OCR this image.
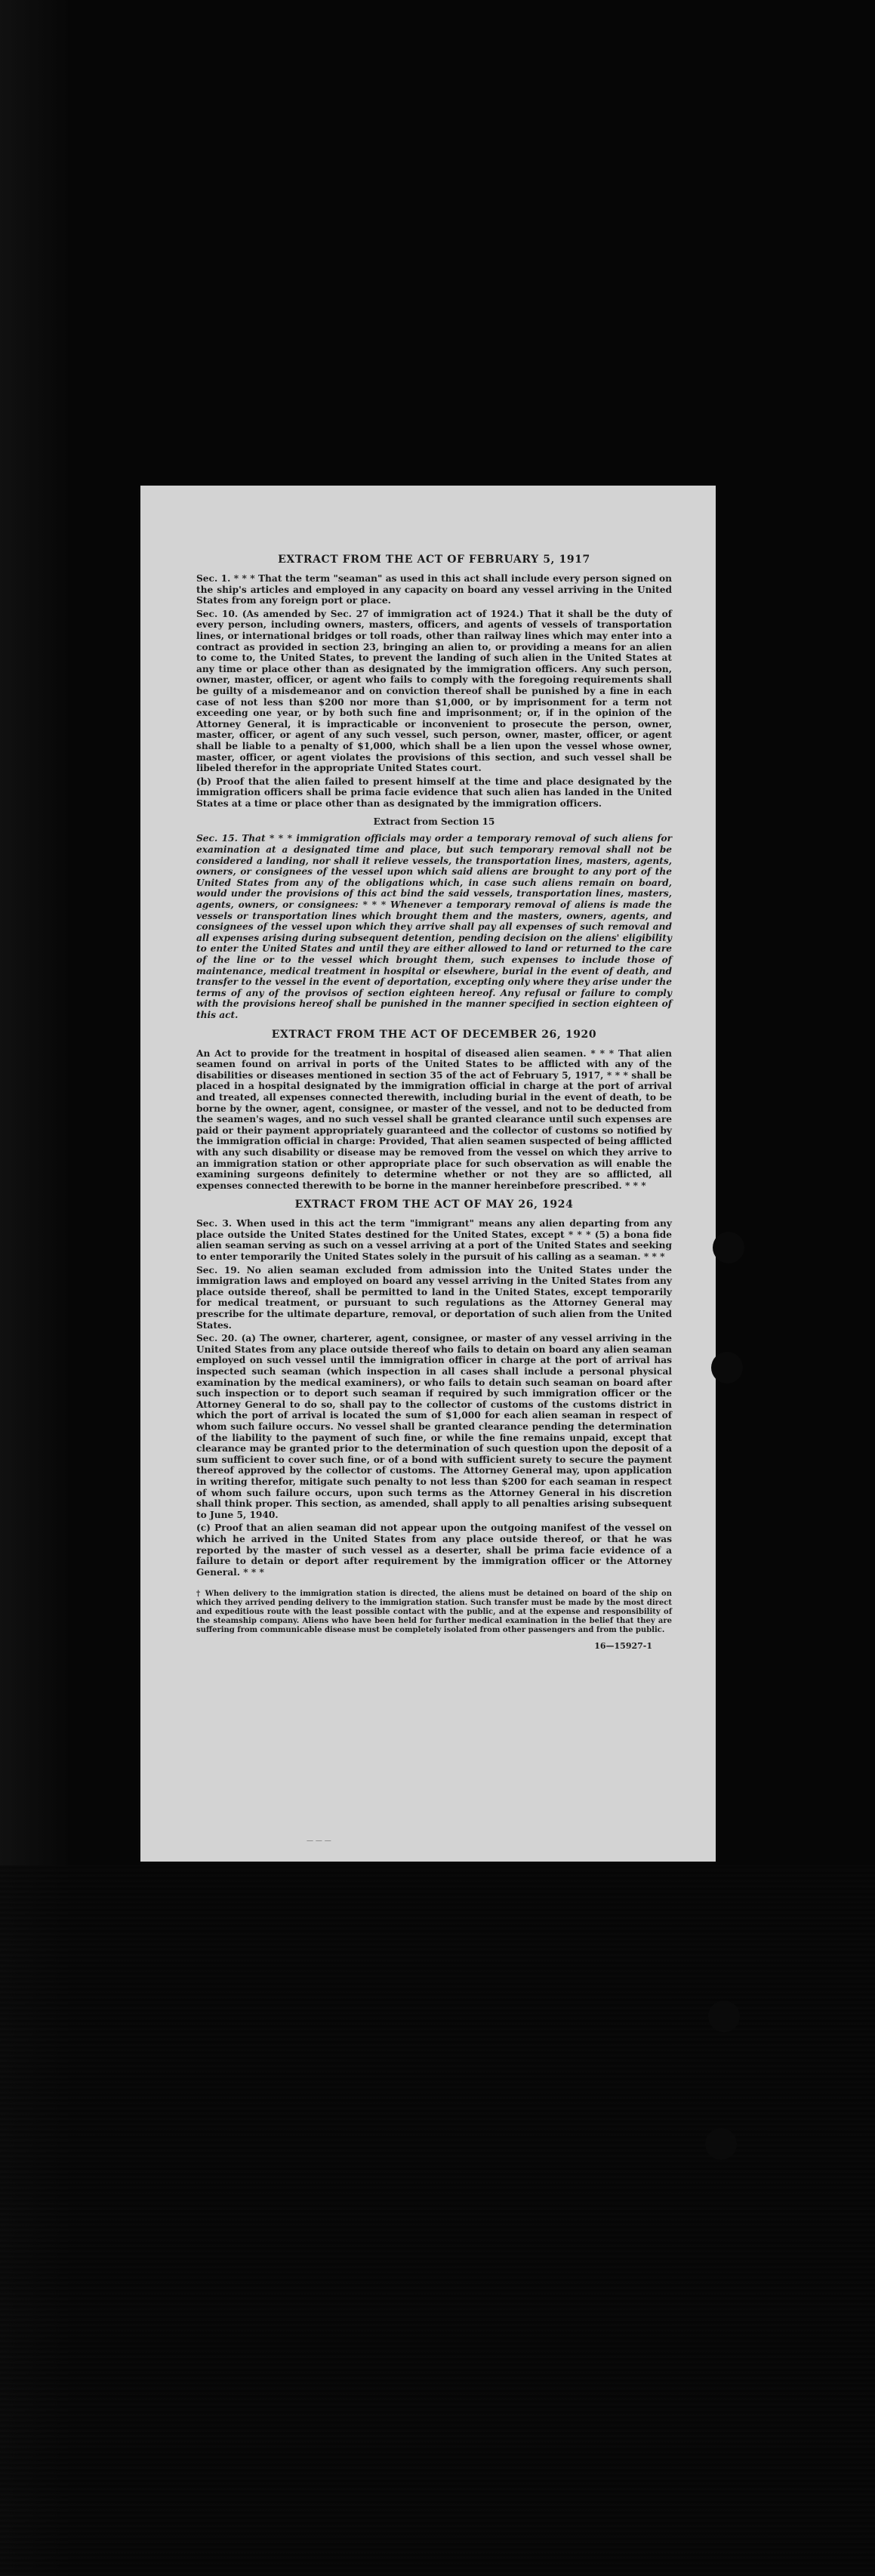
EXTRACT FROM THE ACT OF FEBRUARY 5, 1917

Sec. 1. * * * That the term "seaman" as used in this act shall include every person signed on the ship's articles and employed in any capacity on board any vessel arriving in the United States from any foreign port or place.

Sec. 10. (As amended by Sec. 27 of immigration act of 1924.) That it shall be the duty of every person, including owners, masters, officers, and agents of vessels of transportation lines, or international bridges or toll roads, other than railway lines which may enter into a contract as provided in section 23, bringing an alien to, or providing a means for an alien to come to, the United States, to prevent the landing of such alien in the United States at any time or place other than as designated by the immigration officers. Any such person, owner, master, officer, or agent who fails to comply with the foregoing requirements shall be guilty of a misdemeanor and on conviction thereof shall be punished by a fine in each case of not less than $200 nor more than $1,000, or by imprisonment for a term not exceeding one year, or by both such fine and imprisonment; or, if in the opinion of the Attorney General, it is impracticable or inconvenient to prosecute the person, owner, master, officer, or agent of any such vessel, such person, owner, master, officer, or agent shall be liable to a penalty of $1,000, which shall be a lien upon the vessel whose owner, master, officer, or agent violates the provisions of this section, and such vessel shall be libeled therefor in the appropriate United States court.

(b) Proof that the alien failed to present himself at the time and place designated by the immigration officers shall be prima facie evidence that such alien has landed in the United States at a time or place other than as designated by the immigration officers.

Extract from Section 15

Sec. 15. That * * * immigration officials may order a temporary removal of such aliens for examination at a designated time and place, but such temporary removal shall not be considered a landing, nor shall it relieve vessels, the transportation lines, masters, agents, owners, or consignees of the vessel upon which said aliens are brought to any port of the United States from any of the obligations which, in case such aliens remain on board, would under the provisions of this act bind the said vessels, transportation lines, masters, agents, owners, or consignees: * * * Whenever a temporary removal of aliens is made the vessels or transportation lines which brought them and the masters, owners, agents, and consignees of the vessel upon which they arrive shall pay all expenses of such removal and all expenses arising during subsequent detention, pending decision on the aliens' eligibility to enter the United States and until they are either allowed to land or returned to the care of the line or to the vessel which brought them, such expenses to include those of maintenance, medical treatment in hospital or elsewhere, burial in the event of death, and transfer to the vessel in the event of deportation, excepting only where they arise under the terms of any of the provisos of section eighteen hereof. Any refusal or failure to comply with the provisions hereof shall be punished in the manner specified in section eighteen of this act.

EXTRACT FROM THE ACT OF DECEMBER 26, 1920

An Act to provide for the treatment in hospital of diseased alien seamen. * * * That alien seamen found on arrival in ports of the United States to be afflicted with any of the disabilities or diseases mentioned in section 35 of the act of February 5, 1917, * * * shall be placed in a hospital designated by the immigration official in charge at the port of arrival and treated, all expenses connected therewith, including burial in the event of death, to be borne by the owner, agent, consignee, or master of the vessel, and not to be deducted from the seamen's wages, and no such vessel shall be granted clearance until such expenses are paid or their payment appropriately guaranteed and the collector of customs so notified by the immigration official in charge: Provided, That alien seamen suspected of being afflicted with any such disability or disease may be removed from the vessel on which they arrive to an immigration station or other appropriate place for such observation as will enable the examining surgeons definitely to determine whether or not they are so afflicted, all expenses connected therewith to be borne in the manner hereinbefore prescribed. * * *

EXTRACT FROM THE ACT OF MAY 26, 1924

Sec. 3. When used in this act the term "immigrant" means any alien departing from any place outside the United States destined for the United States, except * * * (5) a bona fide alien seaman serving as such on a vessel arriving at a port of the United States and seeking to enter temporarily the United States solely in the pursuit of his calling as a seaman. * * *

Sec. 19. No alien seaman excluded from admission into the United States under the immigration laws and employed on board any vessel arriving in the United States from any place outside thereof, shall be permitted to land in the United States, except temporarily for medical treatment, or pursuant to such regulations as the Attorney General may prescribe for the ultimate departure, removal, or deportation of such alien from the United States.

Sec. 20. (a) The owner, charterer, agent, consignee, or master of any vessel arriving in the United States from any place outside thereof who fails to detain on board any alien seaman employed on such vessel until the immigration officer in charge at the port of arrival has inspected such seaman (which inspection in all cases shall include a personal physical examination by the medical examiners), or who fails to detain such seaman on board after such inspection or to deport such seaman if required by such immigration officer or the Attorney General to do so, shall pay to the collector of customs of the customs district in which the port of arrival is located the sum of $1,000 for each alien seaman in respect of whom such failure occurs. No vessel shall be granted clearance pending the determination of the liability to the payment of such fine, or while the fine remains unpaid, except that clearance may be granted prior to the determination of such question upon the deposit of a sum sufficient to cover such fine, or of a bond with sufficient surety to secure the payment thereof approved by the collector of customs. The Attorney General may, upon application in writing therefor, mitigate such penalty to not less than $200 for each seaman in respect of whom such failure occurs, upon such terms as the Attorney General in his discretion shall think proper. This section, as amended, shall apply to all penalties arising subsequent to June 5, 1940.

(c) Proof that an alien seaman did not appear upon the outgoing manifest of the vessel on which he arrived in the United States from any place outside thereof, or that he was reported by the master of such vessel as a deserter, shall be prima facie evidence of a failure to detain or deport after requirement by the immigration officer or the Attorney General. * * *

† When delivery to the immigration station is directed, the aliens must be detained on board of the ship on which they arrived pending delivery to the immigration station. Such transfer must be made by the most direct and expeditious route with the least possible contact with the public, and at the expense and responsibility of the steamship company. Aliens who have been held for further medical examination in the belief that they are suffering from communicable disease must be completely isolated from other passengers and from the public.

16—15927-1
— — —
